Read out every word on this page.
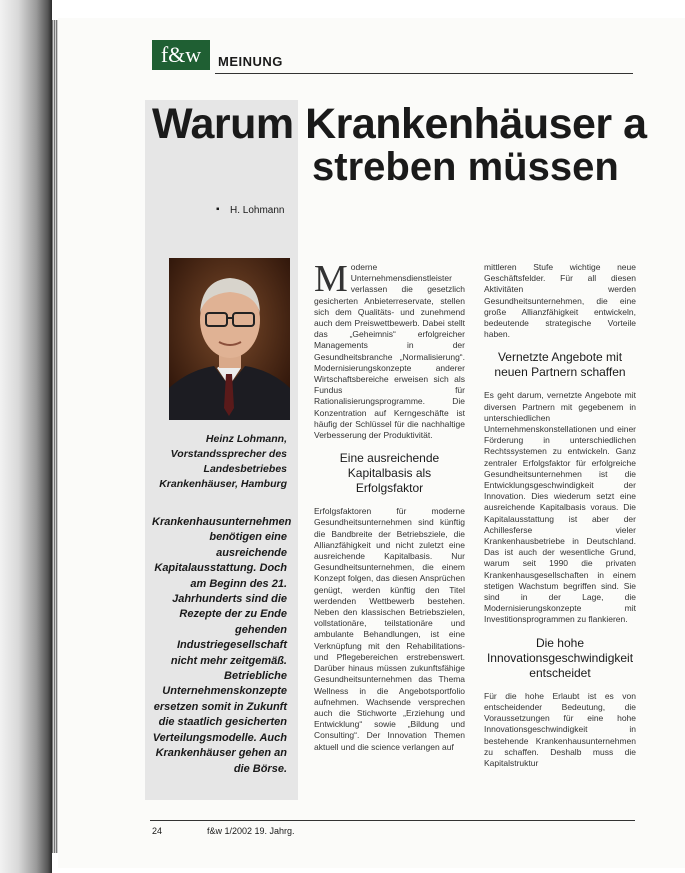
f&w	MEINUNG
Warum Krankenhäuser a
streben müssen
▪ H. Lohmann
Heinz Lohmann, Vorstandssprecher des Landesbetriebes Krankenhäuser, Hamburg
Krankenhausunternehmen benötigen eine ausreichende Kapitalausstattung. Doch am Beginn des 21. Jahrhunderts sind die Rezepte der zu Ende gehenden Industriegesellschaft nicht mehr zeitgemäß. Betriebliche Unternehmenskonzepte ersetzen somit in Zukunft die staatlich gesicherten Verteilungsmodelle. Auch Krankenhäuser gehen an die Börse.

Moderne Unternehmensdienstleister verlassen die gesetzlich gesicherten Anbieterreservate, stellen sich dem Qualitäts- und zunehmend auch dem Preiswettbewerb. Dabei stellt das „Geheimnis“ erfolgreicher Managements in der Gesundheitsbranche „Normalisierung“. Modernisierungskonzepte anderer Wirtschaftsbereiche erweisen sich als Fundus für Rationalisierungsprogramme. Die Konzentration auf Kerngeschäfte ist häufig der Schlüssel für die nachhaltige Verbesserung der Produktivität.

Eine ausreichende Kapitalbasis als Erfolgsfaktor

Erfolgsfaktoren für moderne Gesundheitsunternehmen sind künftig die Bandbreite der Betriebsziele, die Allianzfähigkeit und nicht zuletzt eine ausreichende Kapitalbasis. Nur Gesundheitsunternehmen, die einem Konzept folgen, das diesen Ansprüchen genügt, werden künftig den Titel werdenden Wettbewerb bestehen. Neben den klassischen Betriebszielen, vollstationäre, teilstationäre und ambulante Behandlungen, ist eine Verknüpfung mit den Rehabilitations- und Pflegebereichen erstrebenswert. Darüber hinaus müssen zukunftsfähige Gesundheitsunternehmen das Thema Wellness in die Angebotsportfolio aufnehmen. Wachsende versprechen auch die Stichworte „Erziehung und Entwicklung“ sowie „Bildung und Consulting“. Der Innovation Themen aktuell und die science verlangen auf

mittleren Stufe wichtige neue Geschäftsfelder. Für all diesen Aktivitäten werden Gesundheitsunternehmen, die eine große Allianzfähigkeit entwickeln, bedeutende strategische Vorteile haben.

Vernetzte Angebote mit neuen Partnern schaffen

Es geht darum, vernetzte Angebote mit diversen Partnern mit gegebenem in unterschiedlichen Unternehmenskonstellationen und einer Förderung in unterschiedlichen Rechtssystemen zu entwickeln. Ganz zentraler Erfolgsfaktor für erfolgreiche Gesundheitsunternehmen ist die Entwicklungsgeschwindigkeit der Innovation. Dies wiederum setzt eine ausreichende Kapitalbasis voraus. Die Kapitalausstattung ist aber der Achillesferse vieler Krankenhausbetriebe in Deutschland. Das ist auch der wesentliche Grund, warum seit 1990 die privaten Krankenhausgesellschaften in einem stetigen Wachstum begriffen sind. Sie sind in der Lage, die Modernisierungskonzepte mit Investitionsprogrammen zu flankieren.

Die hohe Innovationsgeschwindigkeit entscheidet

Für die hohe Erlaubt ist es von entscheidender Bedeutung, die Voraussetzungen für eine hohe Innovationsgeschwindigkeit in bestehende Krankenhausunternehmen zu schaffen. Deshalb muss die Kapitalstruktur

24	f&w 1/2002 19. Jahrg.
